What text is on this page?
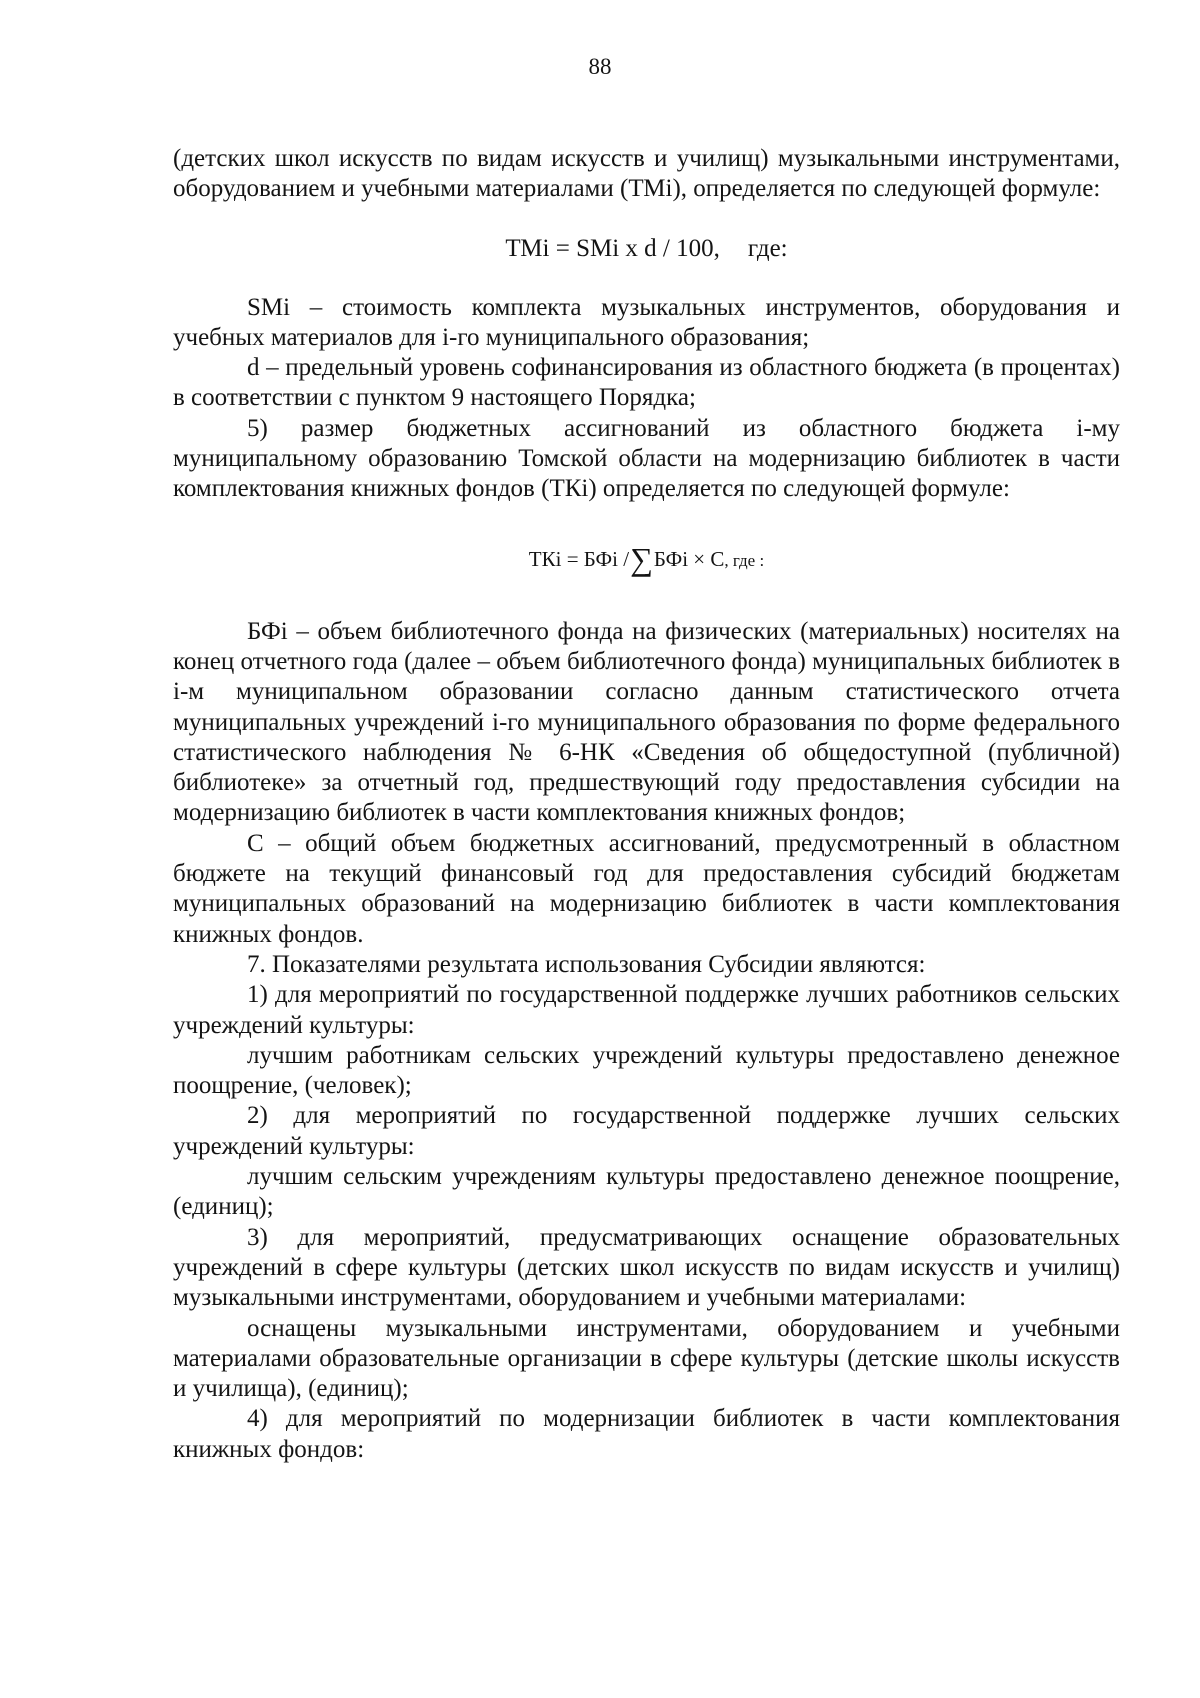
88

(детских школ искусств по видам искусств и училищ) музыкальными инструментами, оборудованием и учебными материалами (ТМi), определяется по следующей формуле:

ТМi = SMi x d / 100, где:

SMi – стоимость комплекта музыкальных инструментов, оборудования и учебных материалов для i-го муниципального образования;

d – предельный уровень софинансирования из областного бюджета (в процентах) в соответствии с пунктом 9 настоящего Порядка;

5) размер бюджетных ассигнований из областного бюджета i-му муниципальному образованию Томской области на модернизацию библиотек в части комплектования книжных фондов (ТКi) определяется по следующей формуле:

ТКi = БФi /∑БФi × С, где :

БФi – объем библиотечного фонда на физических (материальных) носителях на конец отчетного года (далее – объем библиотечного фонда) муниципальных библиотек в i-м муниципальном образовании согласно данным статистического отчета муниципальных учреждений i-го муниципального образования по форме федерального статистического наблюдения № 6-НК «Сведения об общедоступной (публичной) библиотеке» за отчетный год, предшествующий году предоставления субсидии на модернизацию библиотек в части комплектования книжных фондов;

С – общий объем бюджетных ассигнований, предусмотренный в областном бюджете на текущий финансовый год для предоставления субсидий бюджетам муниципальных образований на модернизацию библиотек в части комплектования книжных фондов.

7. Показателями результата использования Субсидии являются:

1) для мероприятий по государственной поддержке лучших работников сельских учреждений культуры:

лучшим работникам сельских учреждений культуры предоставлено денежное поощрение, (человек);

2) для мероприятий по государственной поддержке лучших сельских учреждений культуры:

лучшим сельским учреждениям культуры предоставлено денежное поощрение, (единиц);

3) для мероприятий, предусматривающих оснащение образовательных учреждений в сфере культуры (детских школ искусств по видам искусств и училищ) музыкальными инструментами, оборудованием и учебными материалами:

оснащены музыкальными инструментами, оборудованием и учебными материалами образовательные организации в сфере культуры (детские школы искусств и училища), (единиц);

4) для мероприятий по модернизации библиотек в части комплектования книжных фондов:
